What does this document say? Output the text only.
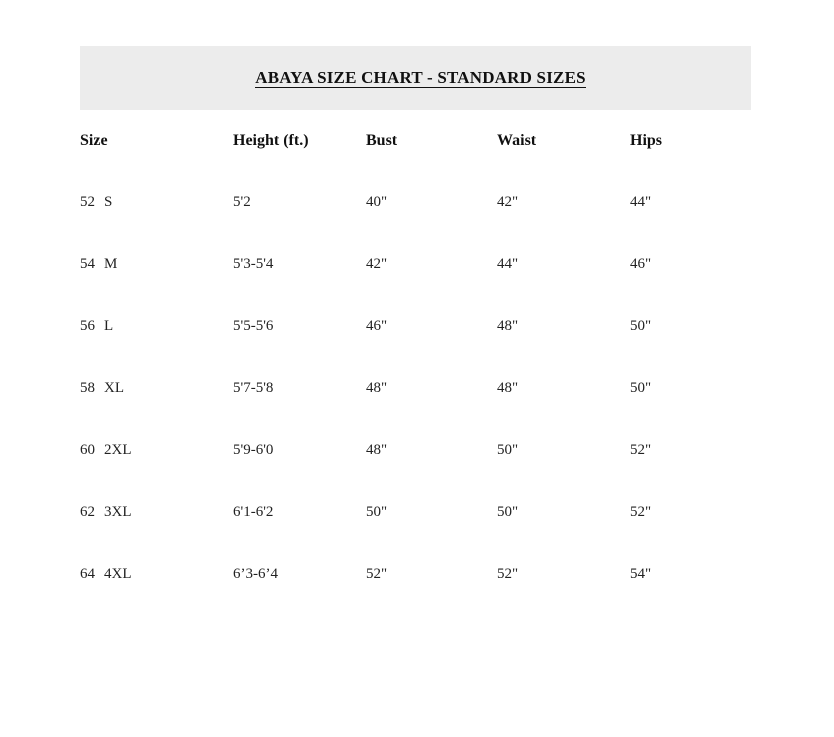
ABAYA SIZE CHART - STANDARD SIZES
Size	Height (ft.)	Bust	Waist	Hips

52 S	5'2	40"	42"	44"
54 M	5'3-5'4	42"	44"	46"
56 L	5'5-5'6	46"	48"	50"
58 XL	5'7-5'8	48"	48"	50"
60 2XL	5'9-6'0	48"	50"	52"
62 3XL	6'1-6'2	50"	50"	52"
64 4XL	6’3-6’4	52"	52"	54"
